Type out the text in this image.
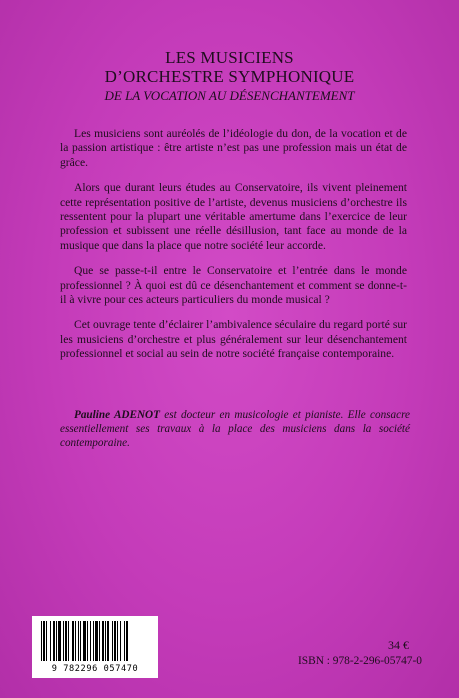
LES MUSICIENS
D’ORCHESTRE SYMPHONIQUE
DE LA VOCATION AU DÉSENCHANTEMENT

Les musiciens sont auréolés de l’idéologie du don, de la vocation et de la passion artistique : être artiste n’est pas une profession mais un état de grâce.

Alors que durant leurs études au Conservatoire, ils vivent pleinement cette représentation positive de l’artiste, devenus musiciens d’orchestre ils ressentent pour la plupart une véritable amertume dans l’exercice de leur profession et subissent une réelle désillusion, tant face au monde de la musique que dans la place que notre société leur accorde.

Que se passe-t-il entre le Conservatoire et l’entrée dans le monde professionnel ? À quoi est dû ce désenchantement et comment se donne-t-il à vivre pour ces acteurs particuliers du monde musical ?

Cet ouvrage tente d’éclairer l’ambivalence séculaire du regard porté sur les musiciens d’orchestre et plus généralement sur leur désenchantement professionnel et social au sein de notre société française contemporaine.

Pauline ADENOT est docteur en musicologie et pianiste. Elle consacre essentiellement ses travaux à la place des musiciens dans la société contemporaine.
9 782296 057470
34 €
ISBN : 978-2-296-05747-0
